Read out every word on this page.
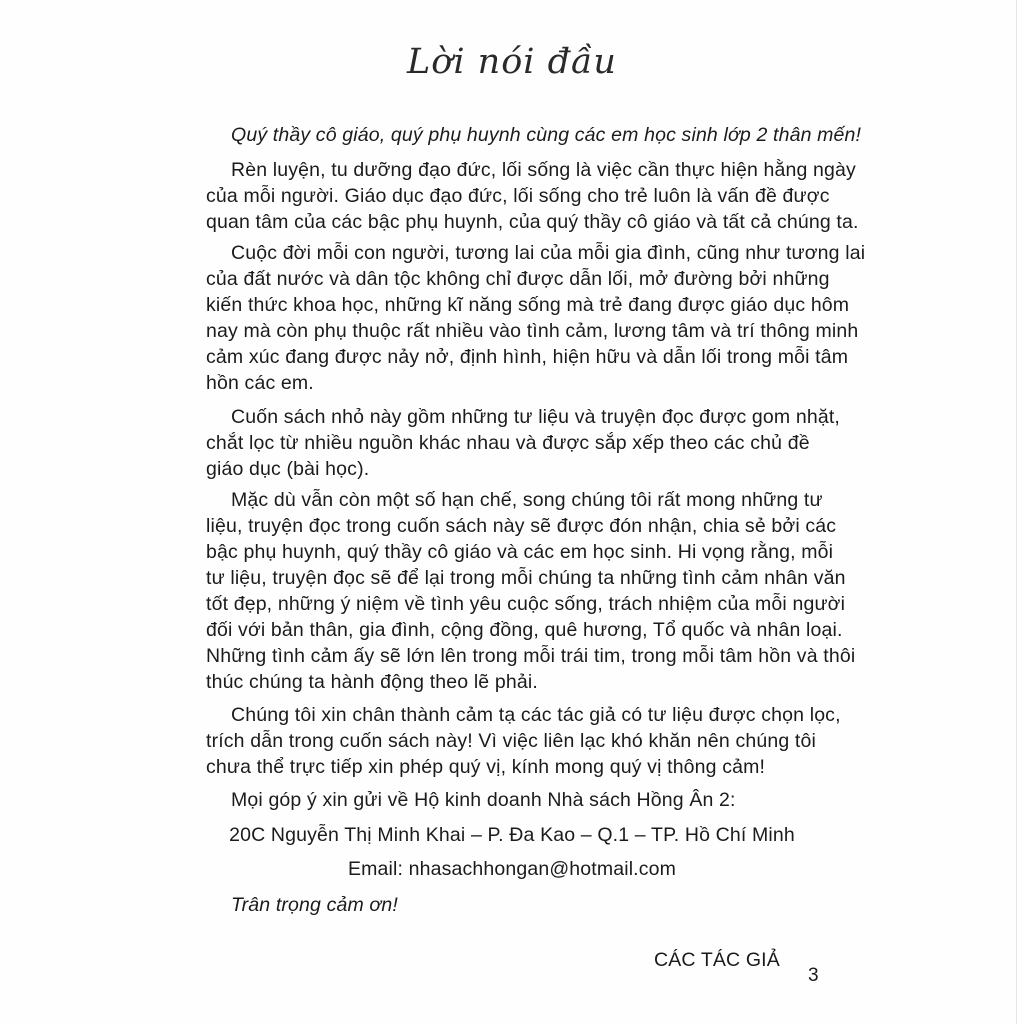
Lời nói đầu
Quý thầy cô giáo, quý phụ huynh cùng các em học sinh lớp 2 thân mến!
Rèn luyện, tu dưỡng đạo đức, lối sống là việc cần thực hiện hằng ngày
của mỗi người. Giáo dục đạo đức, lối sống cho trẻ luôn là vấn đề được
quan tâm của các bậc phụ huynh, của quý thầy cô giáo và tất cả chúng ta.
Cuộc đời mỗi con người, tương lai của mỗi gia đình, cũng như tương lai
của đất nước và dân tộc không chỉ được dẫn lối, mở đường bởi những
kiến thức khoa học, những kĩ năng sống mà trẻ đang được giáo dục hôm
nay mà còn phụ thuộc rất nhiều vào tình cảm, lương tâm và trí thông minh
cảm xúc đang được nảy nở, định hình, hiện hữu và dẫn lối trong mỗi tâm
hồn các em.
Cuốn sách nhỏ này gồm những tư liệu và truyện đọc được gom nhặt,
chắt lọc từ nhiều nguồn khác nhau và được sắp xếp theo các chủ đề
giáo dục (bài học).
Mặc dù vẫn còn một số hạn chế, song chúng tôi rất mong những tư
liệu, truyện đọc trong cuốn sách này sẽ được đón nhận, chia sẻ bởi các
bậc phụ huynh, quý thầy cô giáo và các em học sinh. Hi vọng rằng, mỗi
tư liệu, truyện đọc sẽ để lại trong mỗi chúng ta những tình cảm nhân văn
tốt đẹp, những ý niệm về tình yêu cuộc sống, trách nhiệm của mỗi người
đối với bản thân, gia đình, cộng đồng, quê hương, Tổ quốc và nhân loại.
Những tình cảm ấy sẽ lớn lên trong mỗi trái tim, trong mỗi tâm hồn và thôi
thúc chúng ta hành động theo lẽ phải.
Chúng tôi xin chân thành cảm tạ các tác giả có tư liệu được chọn lọc,
trích dẫn trong cuốn sách này! Vì việc liên lạc khó khăn nên chúng tôi
chưa thể trực tiếp xin phép quý vị, kính mong quý vị thông cảm!
Mọi góp ý xin gửi về Hộ kinh doanh Nhà sách Hồng Ân 2:
20C Nguyễn Thị Minh Khai – P. Đa Kao – Q.1 – TP. Hồ Chí Minh
Email: nhasachhongan@hotmail.com
Trân trọng cảm ơn!
CÁC TÁC GIẢ
3
